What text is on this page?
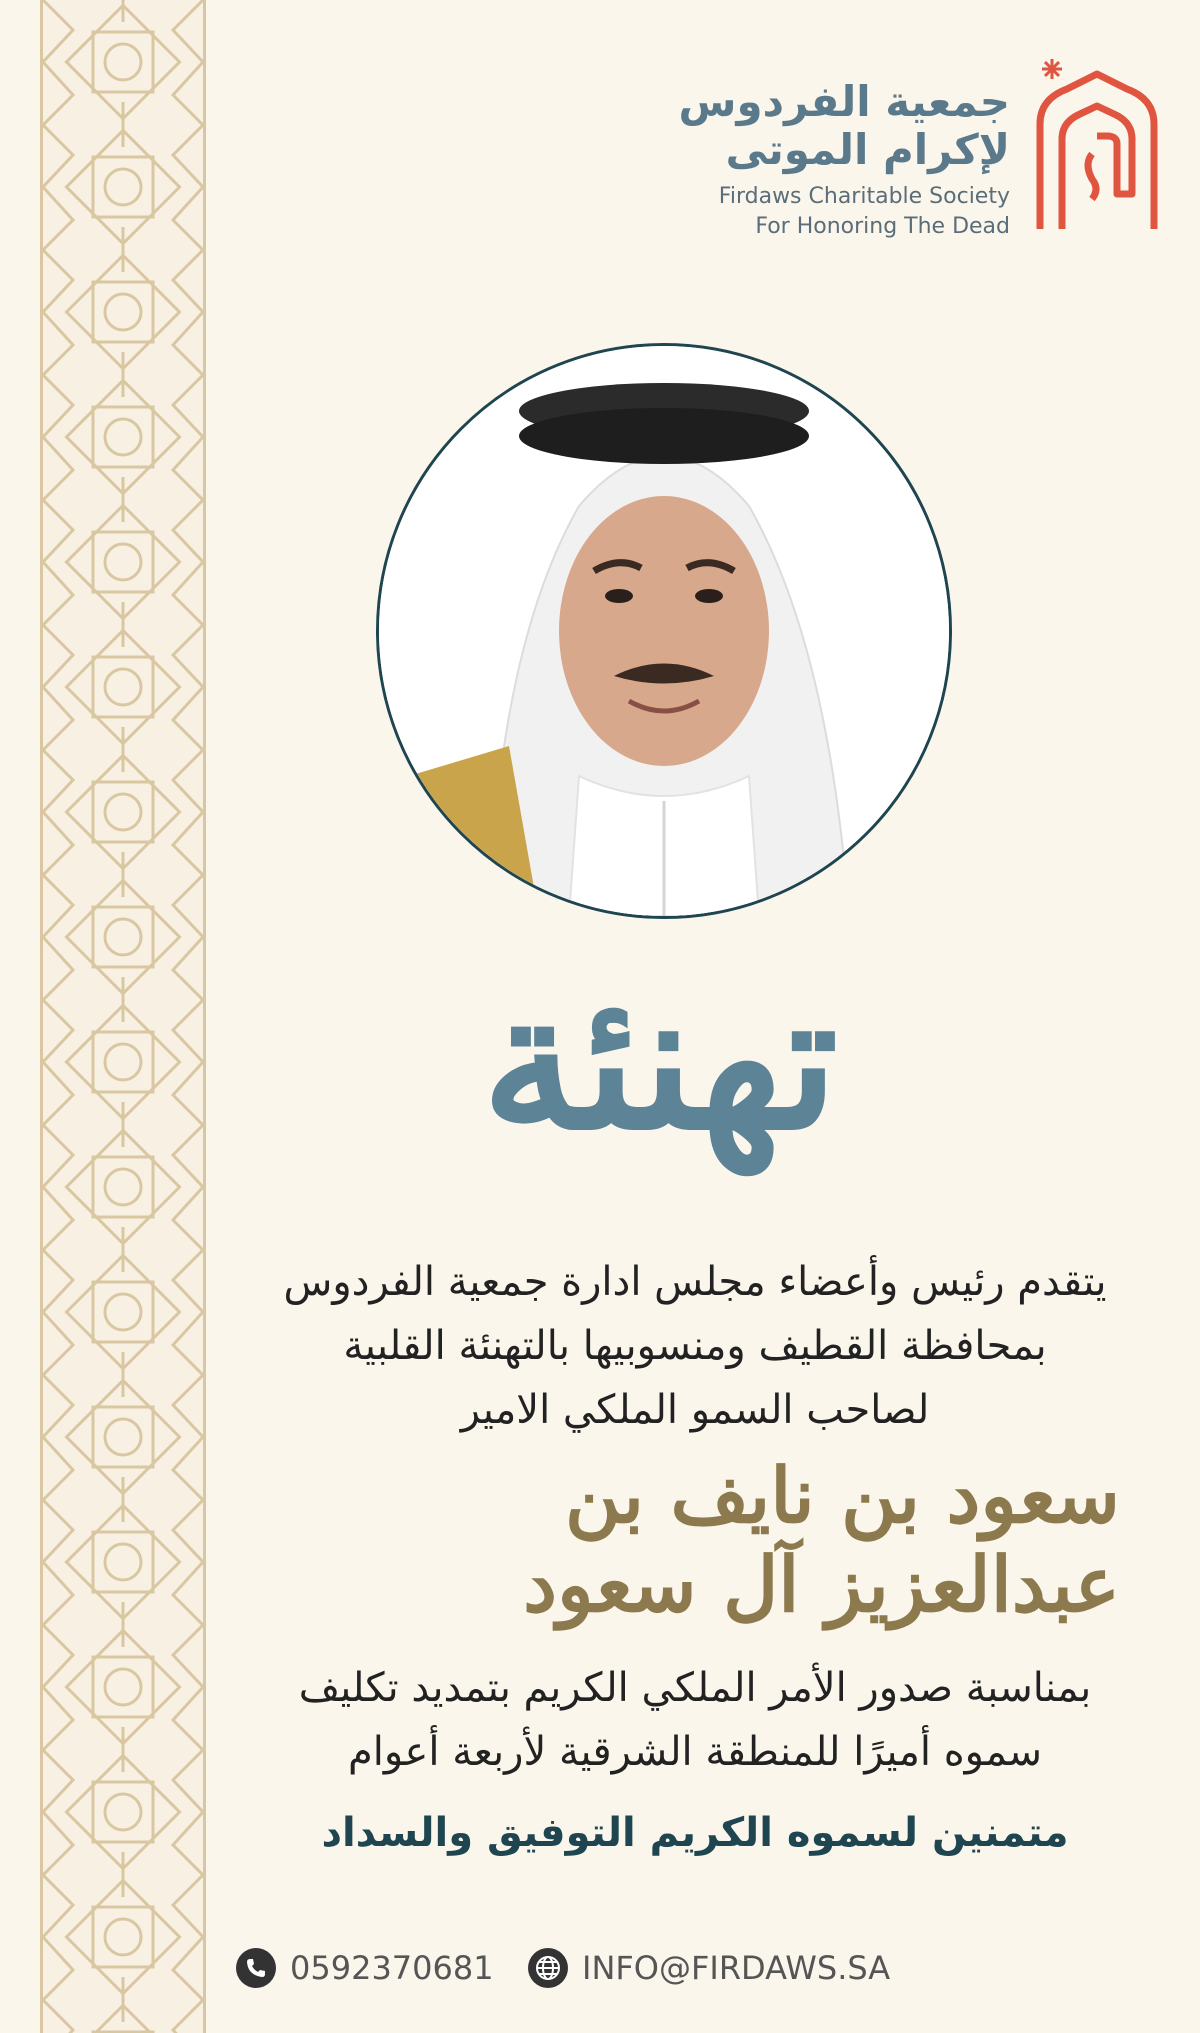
جمعية الفردوس
لإكرام الموتى
Firdaws Charitable Society
For Honoring The Dead
تهنئة
يتقدم رئيس وأعضاء مجلس ادارة جمعية الفردوس
بمحافظة القطيف ومنسوبيها بالتهنئة القلبية
لصاحب السمو الملكي الامير
سعود بن نايف بن عبدالعزيز آل سعود
بمناسبة صدور الأمر الملكي الكريم بتمديد تكليف
سموه أميرًا للمنطقة الشرقية لأربعة أعوام
متمنين لسموه الكريم التوفيق والسداد
0592370681	INFO@FIRDAWS.SA
